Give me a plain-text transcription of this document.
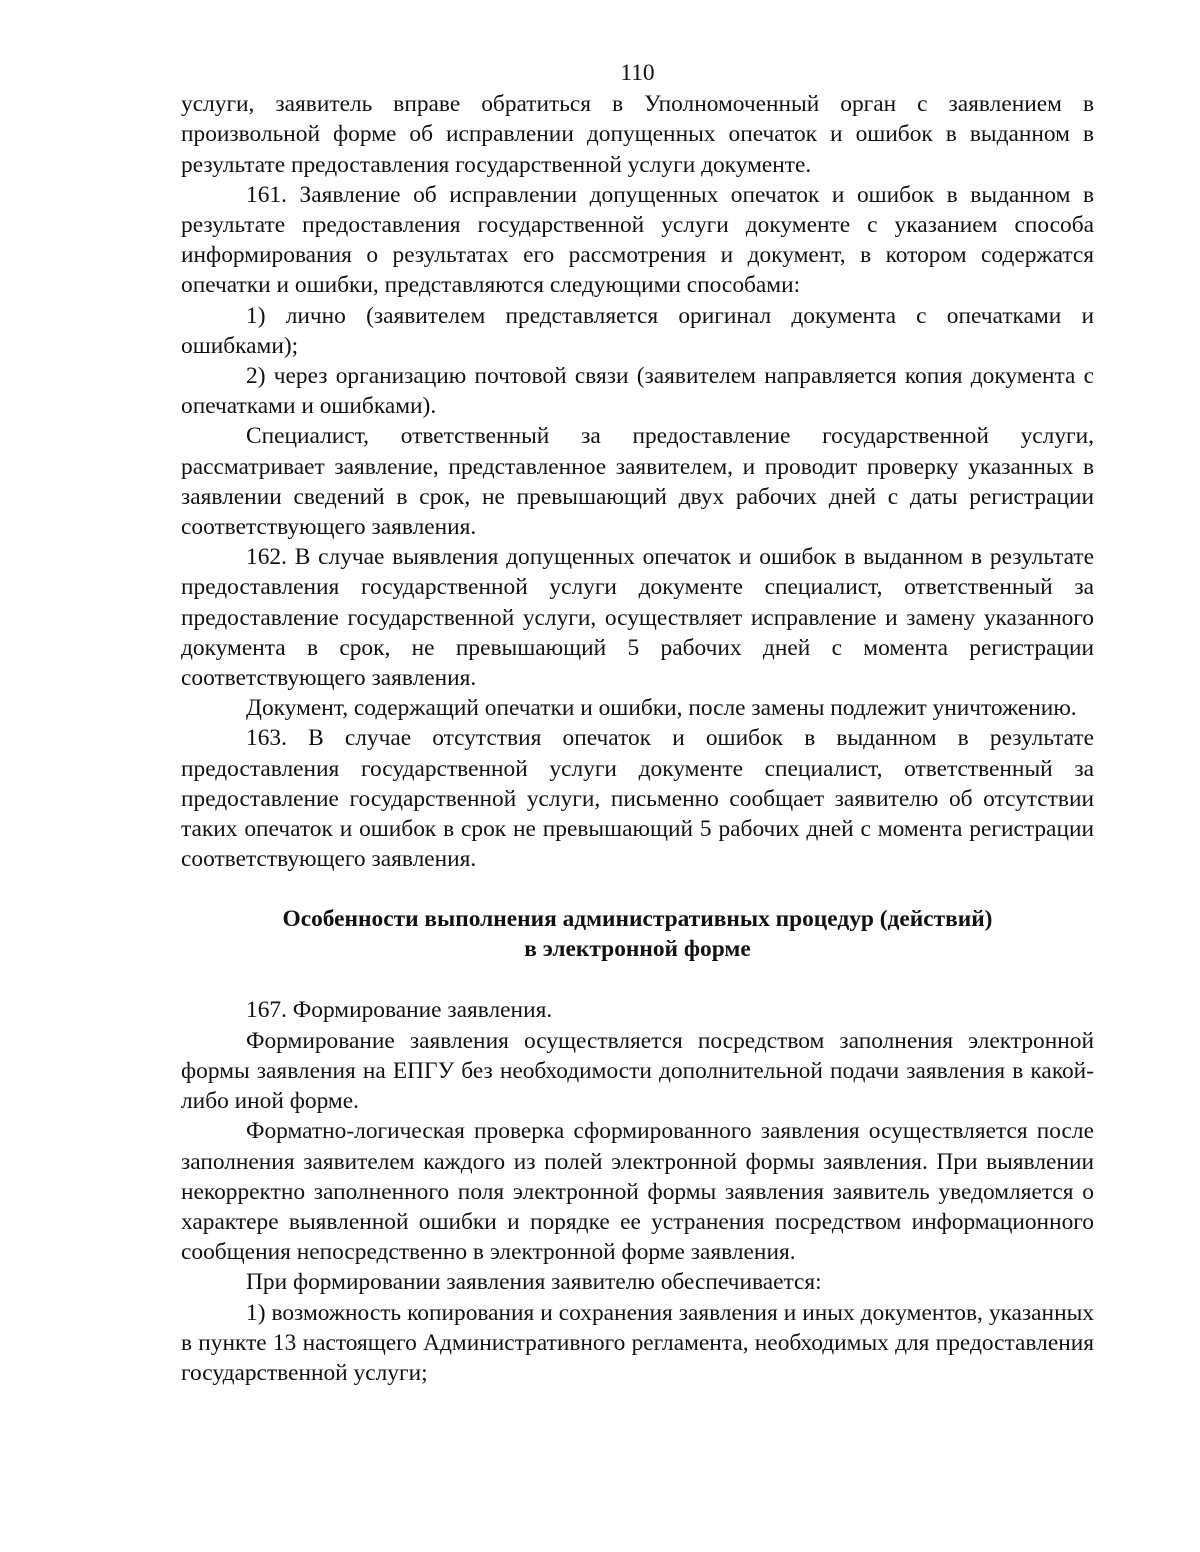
110

услуги, заявитель вправе обратиться в Уполномоченный орган с заявлением в произвольной форме об исправлении допущенных опечаток и ошибок в выданном в результате предоставления государственной услуги документе.

161. Заявление об исправлении допущенных опечаток и ошибок в выданном в результате предоставления государственной услуги документе с указанием способа информирования о результатах его рассмотрения и документ, в котором содержатся опечатки и ошибки, представляются следующими способами:

1) лично (заявителем представляется оригинал документа с опечатками и ошибками);

2) через организацию почтовой связи (заявителем направляется копия документа с опечатками и ошибками).

Специалист, ответственный за предоставление государственной услуги, рассматривает заявление, представленное заявителем, и проводит проверку указанных в заявлении сведений в срок, не превышающий двух рабочих дней с даты регистрации соответствующего заявления.

162. В случае выявления допущенных опечаток и ошибок в выданном в результате предоставления государственной услуги документе специалист, ответственный за предоставление государственной услуги, осуществляет исправление и замену указанного документа в срок, не превышающий 5 рабочих дней с момента регистрации соответствующего заявления.

Документ, содержащий опечатки и ошибки, после замены подлежит уничтожению.

163. В случае отсутствия опечаток и ошибок в выданном в результате предоставления государственной услуги документе специалист, ответственный за предоставление государственной услуги, письменно сообщает заявителю об отсутствии таких опечаток и ошибок в срок не превышающий 5 рабочих дней с момента регистрации соответствующего заявления.

Особенности выполнения административных процедур (действий)
в электронной форме

167. Формирование заявления.

Формирование заявления осуществляется посредством заполнения электронной формы заявления на ЕПГУ без необходимости дополнительной подачи заявления в какой-либо иной форме.

Форматно-логическая проверка сформированного заявления осуществляется после заполнения заявителем каждого из полей электронной формы заявления. При выявлении некорректно заполненного поля электронной формы заявления заявитель уведомляется о характере выявленной ошибки и порядке ее устранения посредством информационного сообщения непосредственно в электронной форме заявления.

При формировании заявления заявителю обеспечивается:

1) возможность копирования и сохранения заявления и иных документов, указанных в пункте 13 настоящего Административного регламента, необходимых для предоставления государственной услуги;
